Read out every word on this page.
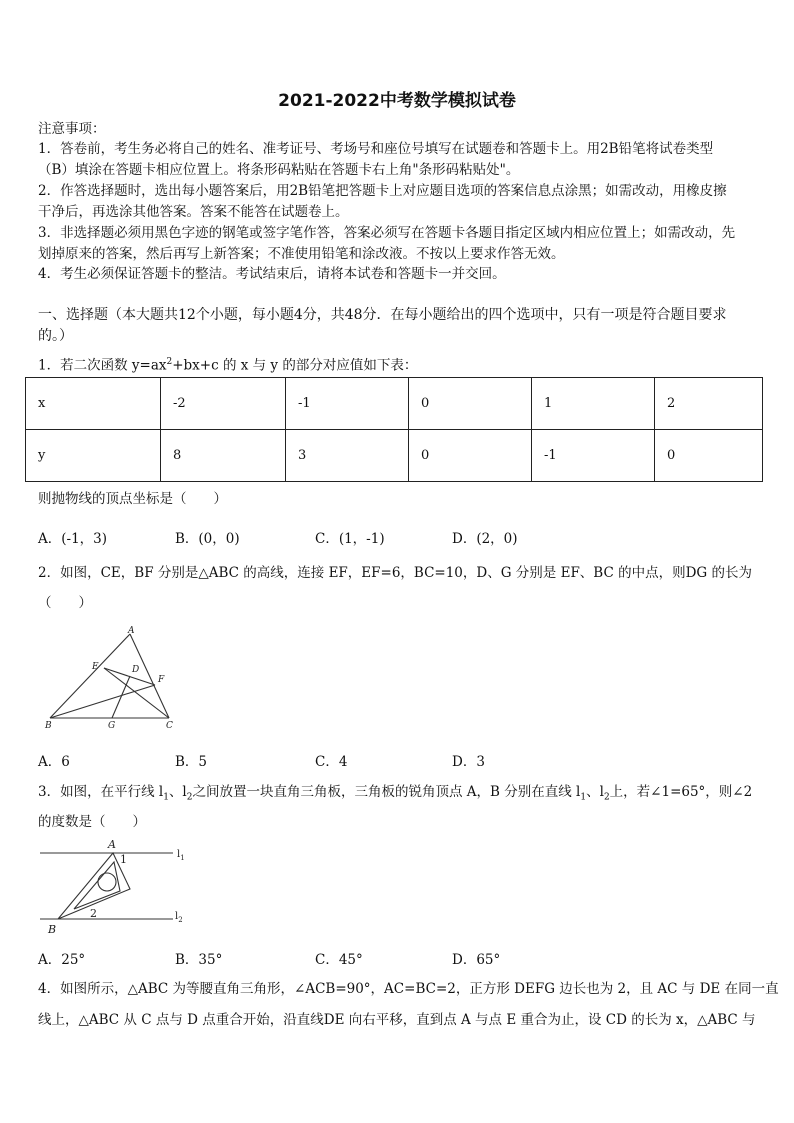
2021-2022中考数学模拟试卷
注意事项：
1．答卷前，考生务必将自己的姓名、准考证号、考场号和座位号填写在试题卷和答题卡上。用2B铅笔将试卷类型
（B）填涂在答题卡相应位置上。将条形码粘贴在答题卡右上角"条形码粘贴处"。
2．作答选择题时，选出每小题答案后，用2B铅笔把答题卡上对应题目选项的答案信息点涂黑；如需改动，用橡皮擦
干净后，再选涂其他答案。答案不能答在试题卷上。
3．非选择题必须用黑色字迹的钢笔或签字笔作答，答案必须写在答题卡各题目指定区域内相应位置上；如需改动，先
划掉原来的答案，然后再写上新答案；不准使用铅笔和涂改液。不按以上要求作答无效。
4．考生必须保证答题卡的整洁。考试结束后，请将本试卷和答题卡一并交回。
一、选择题（本大题共12个小题，每小题4分，共48分．在每小题给出的四个选项中，只有一项是符合题目要求
的。）
1．若二次函数 $y=ax^2+bx+c$ 的 x 与 y 的部分对应值如下表：
x	-2	-1	0	1	2
y	8	3	0	-1	0
则抛物线的顶点坐标是（　　）
A．(-1，3)	B．(0，0)	C．(1，-1)	D．(2，0)
2．如图，CE，BF 分别是△ABC 的高线，连接 EF，EF=6，BC=10，D、G 分别是 EF、BC 的中点，则DG 的长为
（　　）
A
E	D
F
B	G	C
A．6	B．5	C．4	D．3
3．如图，在平行线 $l_1$、$l_2$之间放置一块直角三角板，三角板的锐角顶点 A，B 分别在直线 $l_1$、$l_2$上，若∠1=65°，则∠2
的度数是（　　）
A
1
B
2
$l_1$
$l_2$
A．25°	B．35°	C．45°	D．65°
4．如图所示，△ABC 为等腰直角三角形，∠ACB=90°，AC=BC=2，正方形 DEFG 边长也为 2，且 AC 与 DE 在同一直
线上，△ABC 从 C 点与 D 点重合开始，沿直线DE 向右平移，直到点 A 与点 E 重合为止，设 CD 的长为 x，△ABC 与
